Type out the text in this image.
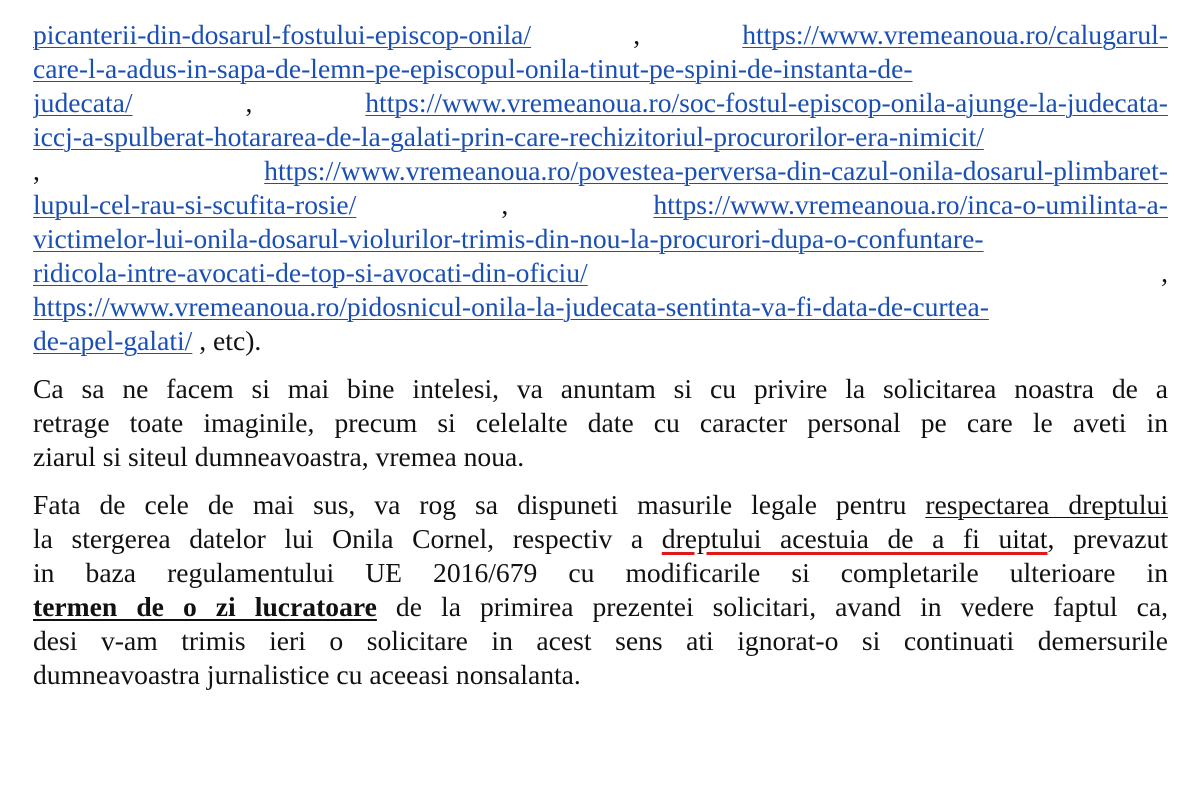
picanterii-din-dosarul-fostului-episcop-onila/	,	https://www.vremeanoua.ro/calugarul-
care-l-a-adus-in-sapa-de-lemn-pe-episcopul-onila-tinut-pe-spini-de-instanta-de-
judecata/	,	https://www.vremeanoua.ro/soc-fostul-episcop-onila-ajunge-la-judecata-
iccj-a-spulberat-hotararea-de-la-galati-prin-care-rechizitoriul-procurorilor-era-nimicit/
,	https://www.vremeanoua.ro/povestea-perversa-din-cazul-onila-dosarul-plimbaret-
lupul-cel-rau-si-scufita-rosie/	,	https://www.vremeanoua.ro/inca-o-umilinta-a-
victimelor-lui-onila-dosarul-violurilor-trimis-din-nou-la-procurori-dupa-o-confuntare-
ridicola-intre-avocati-de-top-si-avocati-din-oficiu/	,
https://www.vremeanoua.ro/pidosnicul-onila-la-judecata-sentinta-va-fi-data-de-curtea-
de-apel-galati/ , etc).
Ca sa ne facem si mai bine intelesi, va anuntam si cu privire la solicitarea noastra de a
retrage toate imaginile, precum si celelalte date cu caracter personal pe care le aveti in
ziarul si siteul dumneavoastra, vremea noua.
Fata de cele de mai sus, va rog sa dispuneti masurile legale pentru respectarea dreptului
la stergerea datelor lui Onila Cornel, respectiv a dreptului acestuia de a fi uitat, prevazut
in baza regulamentului UE 2016/679 cu modificarile si completarile ulterioare in
termen de o zi lucratoare de la primirea prezentei solicitari, avand in vedere faptul ca,
desi v-am trimis ieri o solicitare in acest sens ati ignorat-o si continuati demersurile
dumneavoastra jurnalistice cu aceeasi nonsalanta.
